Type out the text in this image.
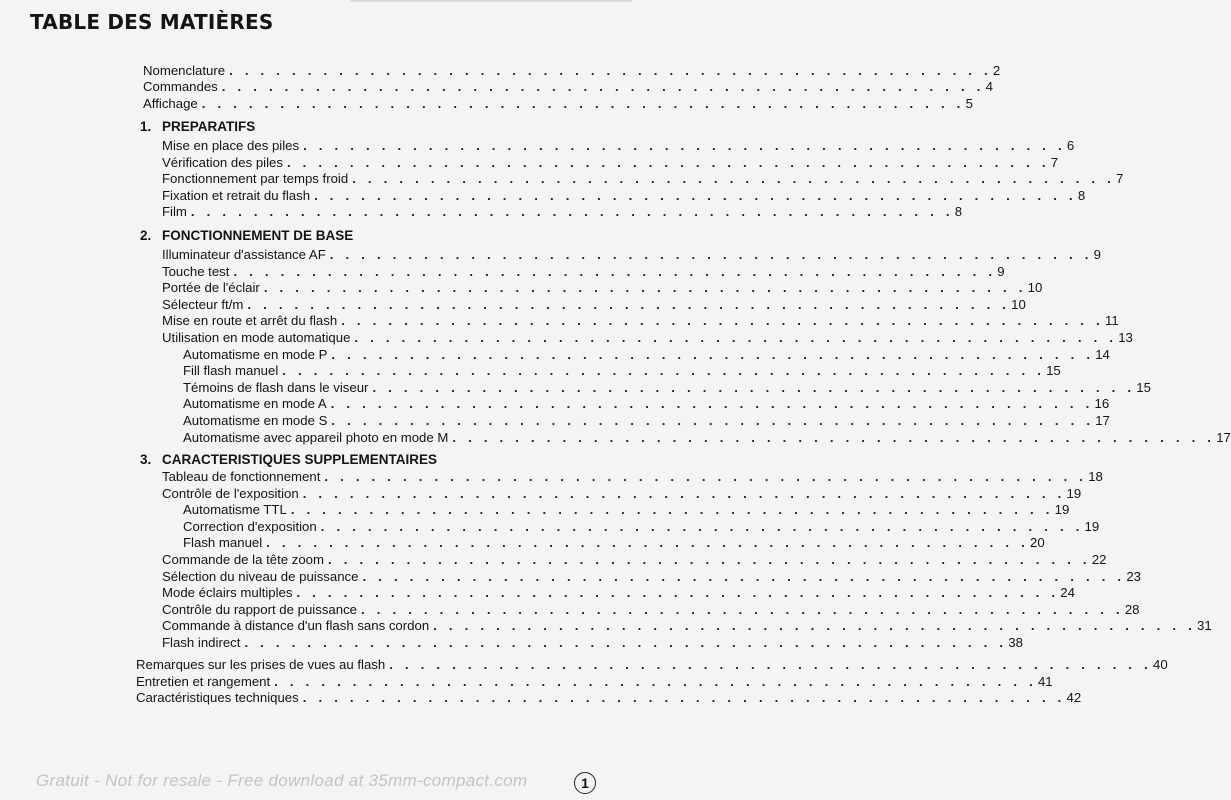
TABLE DES MATIÈRES
Nomenclature . . . . . . . . . . . . . . . . . . . . . . . . . . . . . . . . . . . . . . . . . . . . . . . . . 2
Commandes . . . . . . . . . . . . . . . . . . . . . . . . . . . . . . . . . . . . . . . . . . . . . . . . . 4
Affichage . . . . . . . . . . . . . . . . . . . . . . . . . . . . . . . . . . . . . . . . . . . . . . . . . 5
1. PREPARATIFS
Mise en place des piles . . . . . . . . . . . . . . . . . . . . . . . . . . . . . . . . . . . . . . . . . . . . . . . . . 6
Vérification des piles . . . . . . . . . . . . . . . . . . . . . . . . . . . . . . . . . . . . . . . . . . . . . . . . . 7
Fonctionnement par temps froid . . . . . . . . . . . . . . . . . . . . . . . . . . . . . . . . . . . . . . . . . . . . . . . . . 7
Fixation et retrait du flash . . . . . . . . . . . . . . . . . . . . . . . . . . . . . . . . . . . . . . . . . . . . . . . . . 8
Film . . . . . . . . . . . . . . . . . . . . . . . . . . . . . . . . . . . . . . . . . . . . . . . . . 8
2. FONCTIONNEMENT DE BASE
Illuminateur d'assistance AF . . . . . . . . . . . . . . . . . . . . . . . . . . . . . . . . . . . . . . . . . . . . . . . . . 9
Touche test . . . . . . . . . . . . . . . . . . . . . . . . . . . . . . . . . . . . . . . . . . . . . . . . . 9
Portée de l'éclair . . . . . . . . . . . . . . . . . . . . . . . . . . . . . . . . . . . . . . . . . . . . . . . . . 10
Sélecteur ft/m . . . . . . . . . . . . . . . . . . . . . . . . . . . . . . . . . . . . . . . . . . . . . . . . . 10
Mise en route et arrêt du flash . . . . . . . . . . . . . . . . . . . . . . . . . . . . . . . . . . . . . . . . . . . . . . . . . 11
Utilisation en mode automatique . . . . . . . . . . . . . . . . . . . . . . . . . . . . . . . . . . . . . . . . . . . . . . . . . 13
Automatisme en mode P . . . . . . . . . . . . . . . . . . . . . . . . . . . . . . . . . . . . . . . . . . . . . . . . . 14
Fill flash manuel . . . . . . . . . . . . . . . . . . . . . . . . . . . . . . . . . . . . . . . . . . . . . . . . . 15
Témoins de flash dans le viseur . . . . . . . . . . . . . . . . . . . . . . . . . . . . . . . . . . . . . . . . . . . . . . . . . 15
Automatisme en mode A . . . . . . . . . . . . . . . . . . . . . . . . . . . . . . . . . . . . . . . . . . . . . . . . . 16
Automatisme en mode S . . . . . . . . . . . . . . . . . . . . . . . . . . . . . . . . . . . . . . . . . . . . . . . . . 17
Automatisme avec appareil photo en mode M . . . . . . . . . . . . . . . . . . . . . . . . . . . . . . . . . . . . . . . . . . . . . . . . . 17
3. CARACTERISTIQUES SUPPLEMENTAIRES
Tableau de fonctionnement . . . . . . . . . . . . . . . . . . . . . . . . . . . . . . . . . . . . . . . . . . . . . . . . . 18
Contrôle de l'exposition . . . . . . . . . . . . . . . . . . . . . . . . . . . . . . . . . . . . . . . . . . . . . . . . . 19
Automatisme TTL . . . . . . . . . . . . . . . . . . . . . . . . . . . . . . . . . . . . . . . . . . . . . . . . . 19
Correction d'exposition . . . . . . . . . . . . . . . . . . . . . . . . . . . . . . . . . . . . . . . . . . . . . . . . . 19
Flash manuel . . . . . . . . . . . . . . . . . . . . . . . . . . . . . . . . . . . . . . . . . . . . . . . . . 20
Commande de la tête zoom . . . . . . . . . . . . . . . . . . . . . . . . . . . . . . . . . . . . . . . . . . . . . . . . . 22
Sélection du niveau de puissance . . . . . . . . . . . . . . . . . . . . . . . . . . . . . . . . . . . . . . . . . . . . . . . . . 23
Mode éclairs multiples . . . . . . . . . . . . . . . . . . . . . . . . . . . . . . . . . . . . . . . . . . . . . . . . . 24
Contrôle du rapport de puissance . . . . . . . . . . . . . . . . . . . . . . . . . . . . . . . . . . . . . . . . . . . . . . . . . 28
Commande à distance d'un flash sans cordon . . . . . . . . . . . . . . . . . . . . . . . . . . . . . . . . . . . . . . . . . . . . . . . . . 31
Flash indirect . . . . . . . . . . . . . . . . . . . . . . . . . . . . . . . . . . . . . . . . . . . . . . . . . 38
Remarques sur les prises de vues au flash . . . . . . . . . . . . . . . . . . . . . . . . . . . . . . . . . . . . . . . . . . . . . . . . . 40
Entretien et rangement . . . . . . . . . . . . . . . . . . . . . . . . . . . . . . . . . . . . . . . . . . . . . . . . . 41
Caractéristiques techniques . . . . . . . . . . . . . . . . . . . . . . . . . . . . . . . . . . . . . . . . . . . . . . . . . 42
Gratuit - Not for resale - Free download at 35mm-compact.com	1
